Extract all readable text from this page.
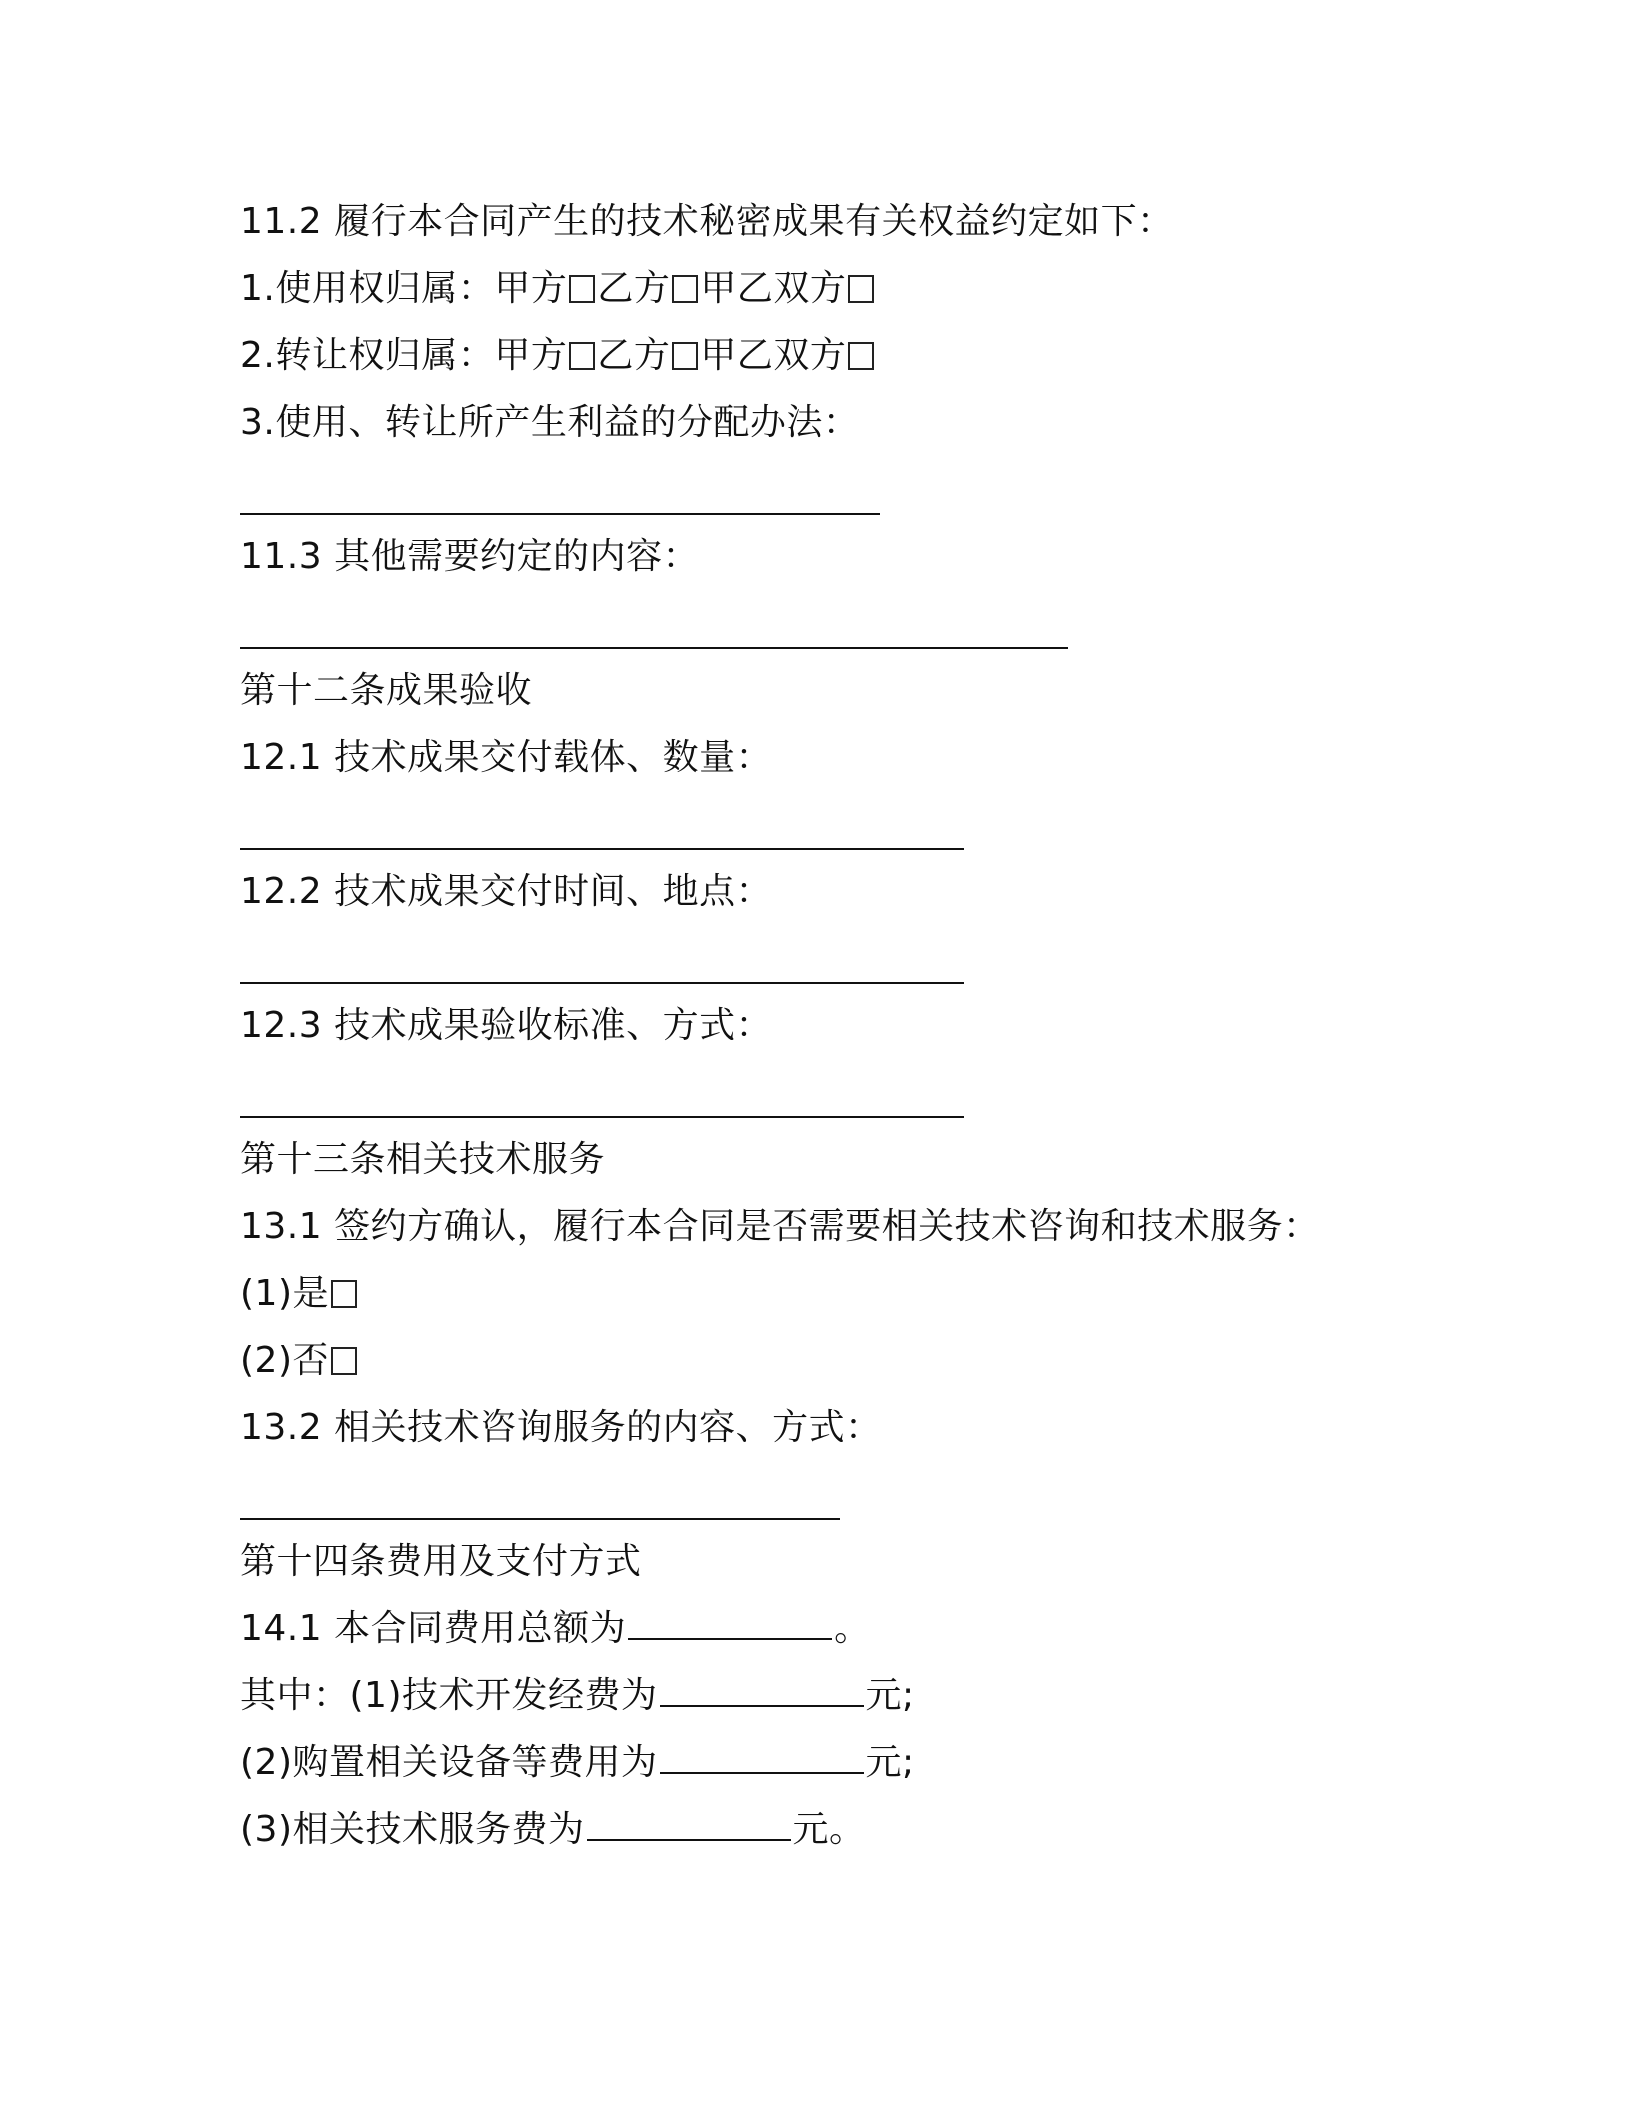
11.2 履行本合同产生的技术秘密成果有关权益约定如下：
1.使用权归属：甲方 乙方 甲乙双方
2.转让权归属：甲方 乙方 甲乙双方
3.使用、转让所产生利益的分配办法：
11.3 其他需要约定的内容：
第十二条成果验收
12.1 技术成果交付载体、数量：
12.2 技术成果交付时间、地点：
12.3 技术成果验收标准、方式：
第十三条相关技术服务
13.1 签约方确认，履行本合同是否需要相关技术咨询和技术服务：
(1)是
(2)否
13.2 相关技术咨询服务的内容、方式：
第十四条费用及支付方式
14.1 本合同费用总额为	。
其中：(1)技术开发经费为	元;
(2)购置相关设备等费用为	元;
(3)相关技术服务费为	元。
